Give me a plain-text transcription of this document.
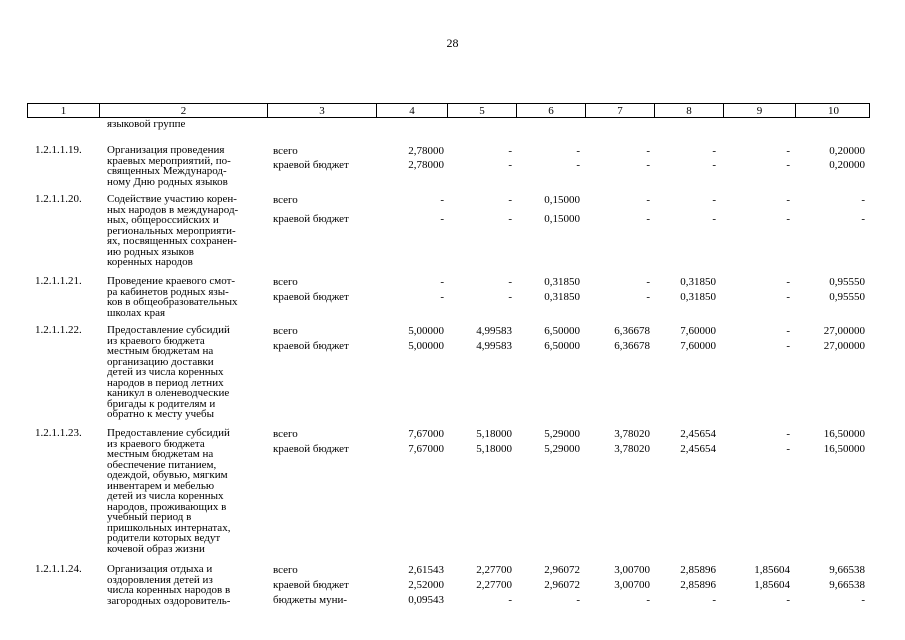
28
1	2	3	4	5	6	7	8	9	10
языковой группе
1.2.1.1.19. Организация проведения
краевых мероприятий, по-
священных Международ-
ному Дню родных языков
всего	2,78000	-	-	-	-	-	0,20000
краевой бюджет	2,78000	-	-	-	-	-	0,20000
1.2.1.1.20. Содействие участию корен-
ных народов в международ-
ных, общероссийских и
региональных мероприяти-
ях, посвященных сохранен-
ию родных языков
коренных народов
всего	-	-	0,15000	-	-	-	-
краевой бюджет	-	-	0,15000	-	-	-	-
1.2.1.1.21. Проведение краевого смот-
ра кабинетов родных язы-
ков в общеобразовательных
школах края
всего	-	-	0,31850	-	0,31850	-	0,95550
краевой бюджет	-	-	0,31850	-	0,31850	-	0,95550
1.2.1.1.22. Предоставление субсидий
из краевого бюджета
местным бюджетам на
организацию доставки
детей из числа коренных
народов в период летних
каникул в оленеводческие
бригады к родителям и
обратно к месту учебы
всего	5,00000	4,99583	6,50000	6,36678	7,60000	-	27,00000
краевой бюджет	5,00000	4,99583	6,50000	6,36678	7,60000	-	27,00000
1.2.1.1.23. Предоставление субсидий
из краевого бюджета
местным бюджетам на
обеспечение питанием,
одеждой, обувью, мягким
инвентарем и мебелью
детей из числа коренных
народов, проживающих в
учебный период в
пришкольных интернатах,
родители которых ведут
кочевой образ жизни
всего	7,67000	5,18000	5,29000	3,78020	2,45654	-	16,50000
краевой бюджет	7,67000	5,18000	5,29000	3,78020	2,45654	-	16,50000
1.2.1.1.24. Организация отдыха и
оздоровления детей из
числа коренных народов в
загородных оздоровитель-
всего	2,61543	2,27700	2,96072	3,00700	2,85896	1,85604	9,66538
краевой бюджет	2,52000	2,27700	2,96072	3,00700	2,85896	1,85604	9,66538
бюджеты муни-	0,09543	-	-	-	-	-	-
